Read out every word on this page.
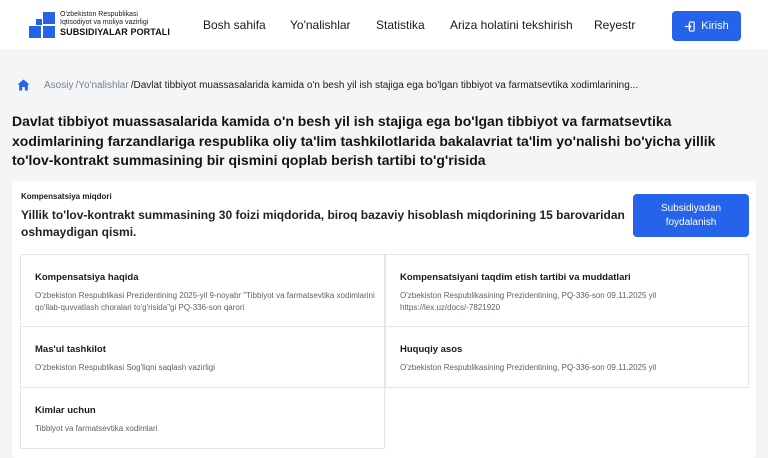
O'zbekiston Respublikasi
Iqtisodiyot va moliya vazirligi
SUBSIDIYALAR PORTALI	Bosh sahifa Yo'nalishlar Statistika Ariza holatini tekshirish Reyestr	Kirish
Asosiy /Yo'nalishlar /Davlat tibbiyot muassasalarida kamida o'n besh yil ish stajiga ega bo'lgan tibbiyot va farmatsevtika xodimlarining...
Davlat tibbiyot muassasalarida kamida o'n besh yil ish stajiga ega bo'lgan tibbiyot va farmatsevtika xodimlarining farzandlariga respublika oliy ta'lim tashkilotlarida bakalavriat ta'lim yo'nalishi bo'yicha yillik to'lov-kontrakt summasining bir qismini qoplab berish tartibi to'g'risida
Kompensatsiya miqdori
Yillik to'lov-kontrakt summasining 30 foizi miqdorida, biroq bazaviy hisoblash miqdorining 15 barovaridan oshmaydigan qismi.
Subsidiyadan foydalanish
Kompensatsiya haqida
O'zbekiston Respublikasi Prezidentining 2025-yil 9-noyabr "Tibbiyot va farmatsevtika xodimlarini qo'llab-quvvatlash choralari to'g'risida"gi PQ-336-son qarori
Kompensatsiyani taqdim etish tartibi va muddatlari
O'zbekiston Respublikasining Prezidentining, PQ-336-son 09.11.2025 yil https://lex.uz/docs/-7821920
Mas'ul tashkilot
O'zbekiston Respublikasi Sog'liqni saqlash vazirligi
Huquqiy asos
O'zbekiston Respublikasining Prezidentining, PQ-336-son 09.11.2025 yil
Kimlar uchun
Tibbiyot va farmatsevtika xodimlari
